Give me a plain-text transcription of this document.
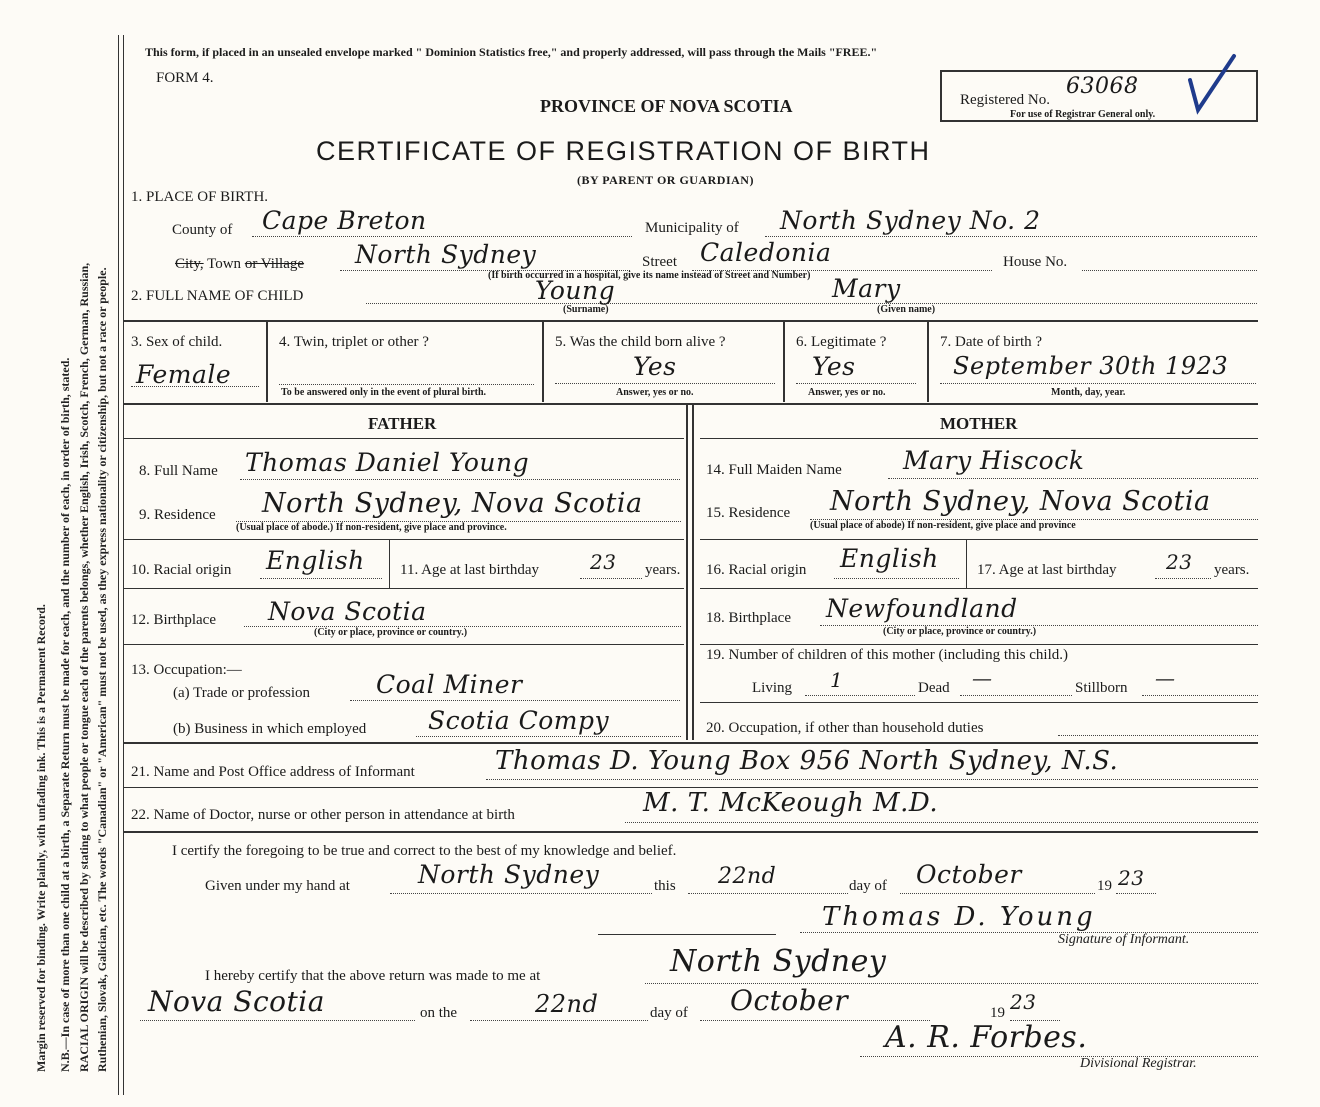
Margin reserved for binding. Write plainly, with unfading ink. This is a Permanent Record. N.B.—In case of more than one child at a birth, a Separate Return must be made for each, and the number of each, in order of birth, stated. RACIAL ORIGIN will be described by stating to what people or tongue each of the parents belongs, whether English, Irish, Scotch, French, German, Russian, Ruthenian, Slovak, Galician, etc. The words "Canadian" or "American" must not be used, as they express nationality or citizenship, but not a race or people.
This form, if placed in an unsealed envelope marked " Dominion Statistics free," and properly addressed, will pass through the Mails "FREE."
FORM 4.
PROVINCE OF NOVA SCOTIA
CERTIFICATE OF REGISTRATION OF BIRTH
(BY PARENT OR GUARDIAN)
Registered No.
63068
For use of Registrar General only.
1. PLACE OF BIRTH.
County of Cape Breton	Municipality of North Sydney No. 2
City, Town or Village North Sydney	Street Caledonia	House No.
(If birth occurred in a hospital, give its name instead of Street and Number)
2. FULL NAME OF CHILD	Young
(Surname)
Mary
(Given name)
3. Sex of child.
Female
4. Twin, triplet or other ?
To be answered only in the event of plural birth.
5. Was the child born alive ?
Yes
Answer, yes or no.
6. Legitimate ?
Yes
Answer, yes or no.
7. Date of birth ?
September 30th 1923
Month, day, year.
FATHER	MOTHER
8. Full Name Thomas Daniel Young
9. Residence North Sydney, Nova Scotia
(Usual place of abode.) If non-resident, give place and province.
10. Racial origin English 11. Age at last birthday	23 years.
12. Birthplace Nova Scotia
(City or place, province or country.)
13. Occupation:—
(a) Trade or profession	Coal Miner
(b) Business in which employed Scotia Compy
14. Full Maiden Name Mary Hiscock
15. Residence North Sydney, Nova Scotia
(Usual place of abode) If non-resident, give place and province
16. Racial origin English	17. Age at last birthday 23 years.
18. Birthplace Newfoundland
(City or place, province or country.)
19. Number of children of this mother (including this child.)
Living 1	Dead —	Stillborn —
20. Occupation, if other than household duties
21. Name and Post Office address of Informant	Thomas D. Young Box 956 North Sydney, N.S.
22. Name of Doctor, nurse or other person in attendance at birth	M. T. McKeough M.D.
I certify the foregoing to be true and correct to the best of my knowledge and belief.
Given under my hand at	North Sydney	this 22nd	day of October	19 23
Thomas D. Young
Signature of Informant.
I hereby certify that the above return was made to me at	North Sydney
Nova Scotia	on the	22nd	day of October	19 23
A. R. Forbes.
Divisional Registrar.
